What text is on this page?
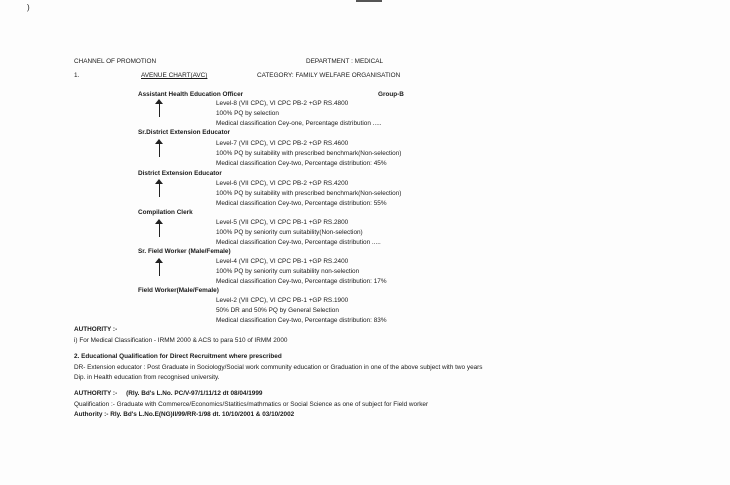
)
CHANNEL OF PROMOTION	DEPARTMENT : MEDICAL
1.	AVENUE CHART(AVC)	CATEGORY: FAMILY WELFARE ORGANISATION
Assistant Health Education Officer	Group-B
Level-8 (VII CPC), VI CPC PB-2 +GP RS.4800
100% PQ by selection
Medical classification Cey-one, Percentage distribution .....
Sr.District Extension Educator
Level-7 (VII CPC), VI CPC PB-2 +GP RS.4600
100% PQ by suitability with prescribed benchmark(Non-selection)
Medical classification Cey-two, Percentage distribution: 45%
District Extension Educator
Level-6 (VII CPC), VI CPC PB-2 +GP RS.4200
100% PQ by suitability with prescribed benchmark(Non-selection)
Medical classification Cey-two, Percentage distribution: 55%
Compilation Clerk
Level-5 (VII CPC), VI CPC PB-1 +GP RS.2800
100% PQ by seniority cum suitability(Non-selection)
Medical classification Cey-two, Percentage distribution .....
Sr. Field Worker (Male/Female)
Level-4 (VII CPC), VI CPC PB-1 +GP RS.2400
100% PQ by seniority cum suitability non-selection
Medical classification Cey-two, Percentage distribution: 17%
Field Worker(Male/Female)
Level-2 (VII CPC), VI CPC PB-1 +GP RS.1900
50% DR and 50% PQ by General Selection
Medical classification Cey-two, Percentage distribution: 83%
AUTHORITY :-
i) For Medical Classification - IRMM 2000 & ACS to para 510 of IRMM 2000
2. Educational Qualification for Direct Recruitment where prescribed
DR- Extension educator : Post Graduate in Sociology/Social work community education or Graduation in one of the above subject with two years
Dip. in Health education from recognised university.
AUTHORITY :-     (Rly. Bd's L.No. PC/V-97/1/11/12 dt 08/04/1999
Qualification :- Graduate with Commerce/Economics/Statitics/mathmatics or Social Science as one of subject for Field worker
Authority :- Rly. Bd's L.No.E(NG)II/99/RR-1/98 dt. 10/10/2001 & 03/10/2002
